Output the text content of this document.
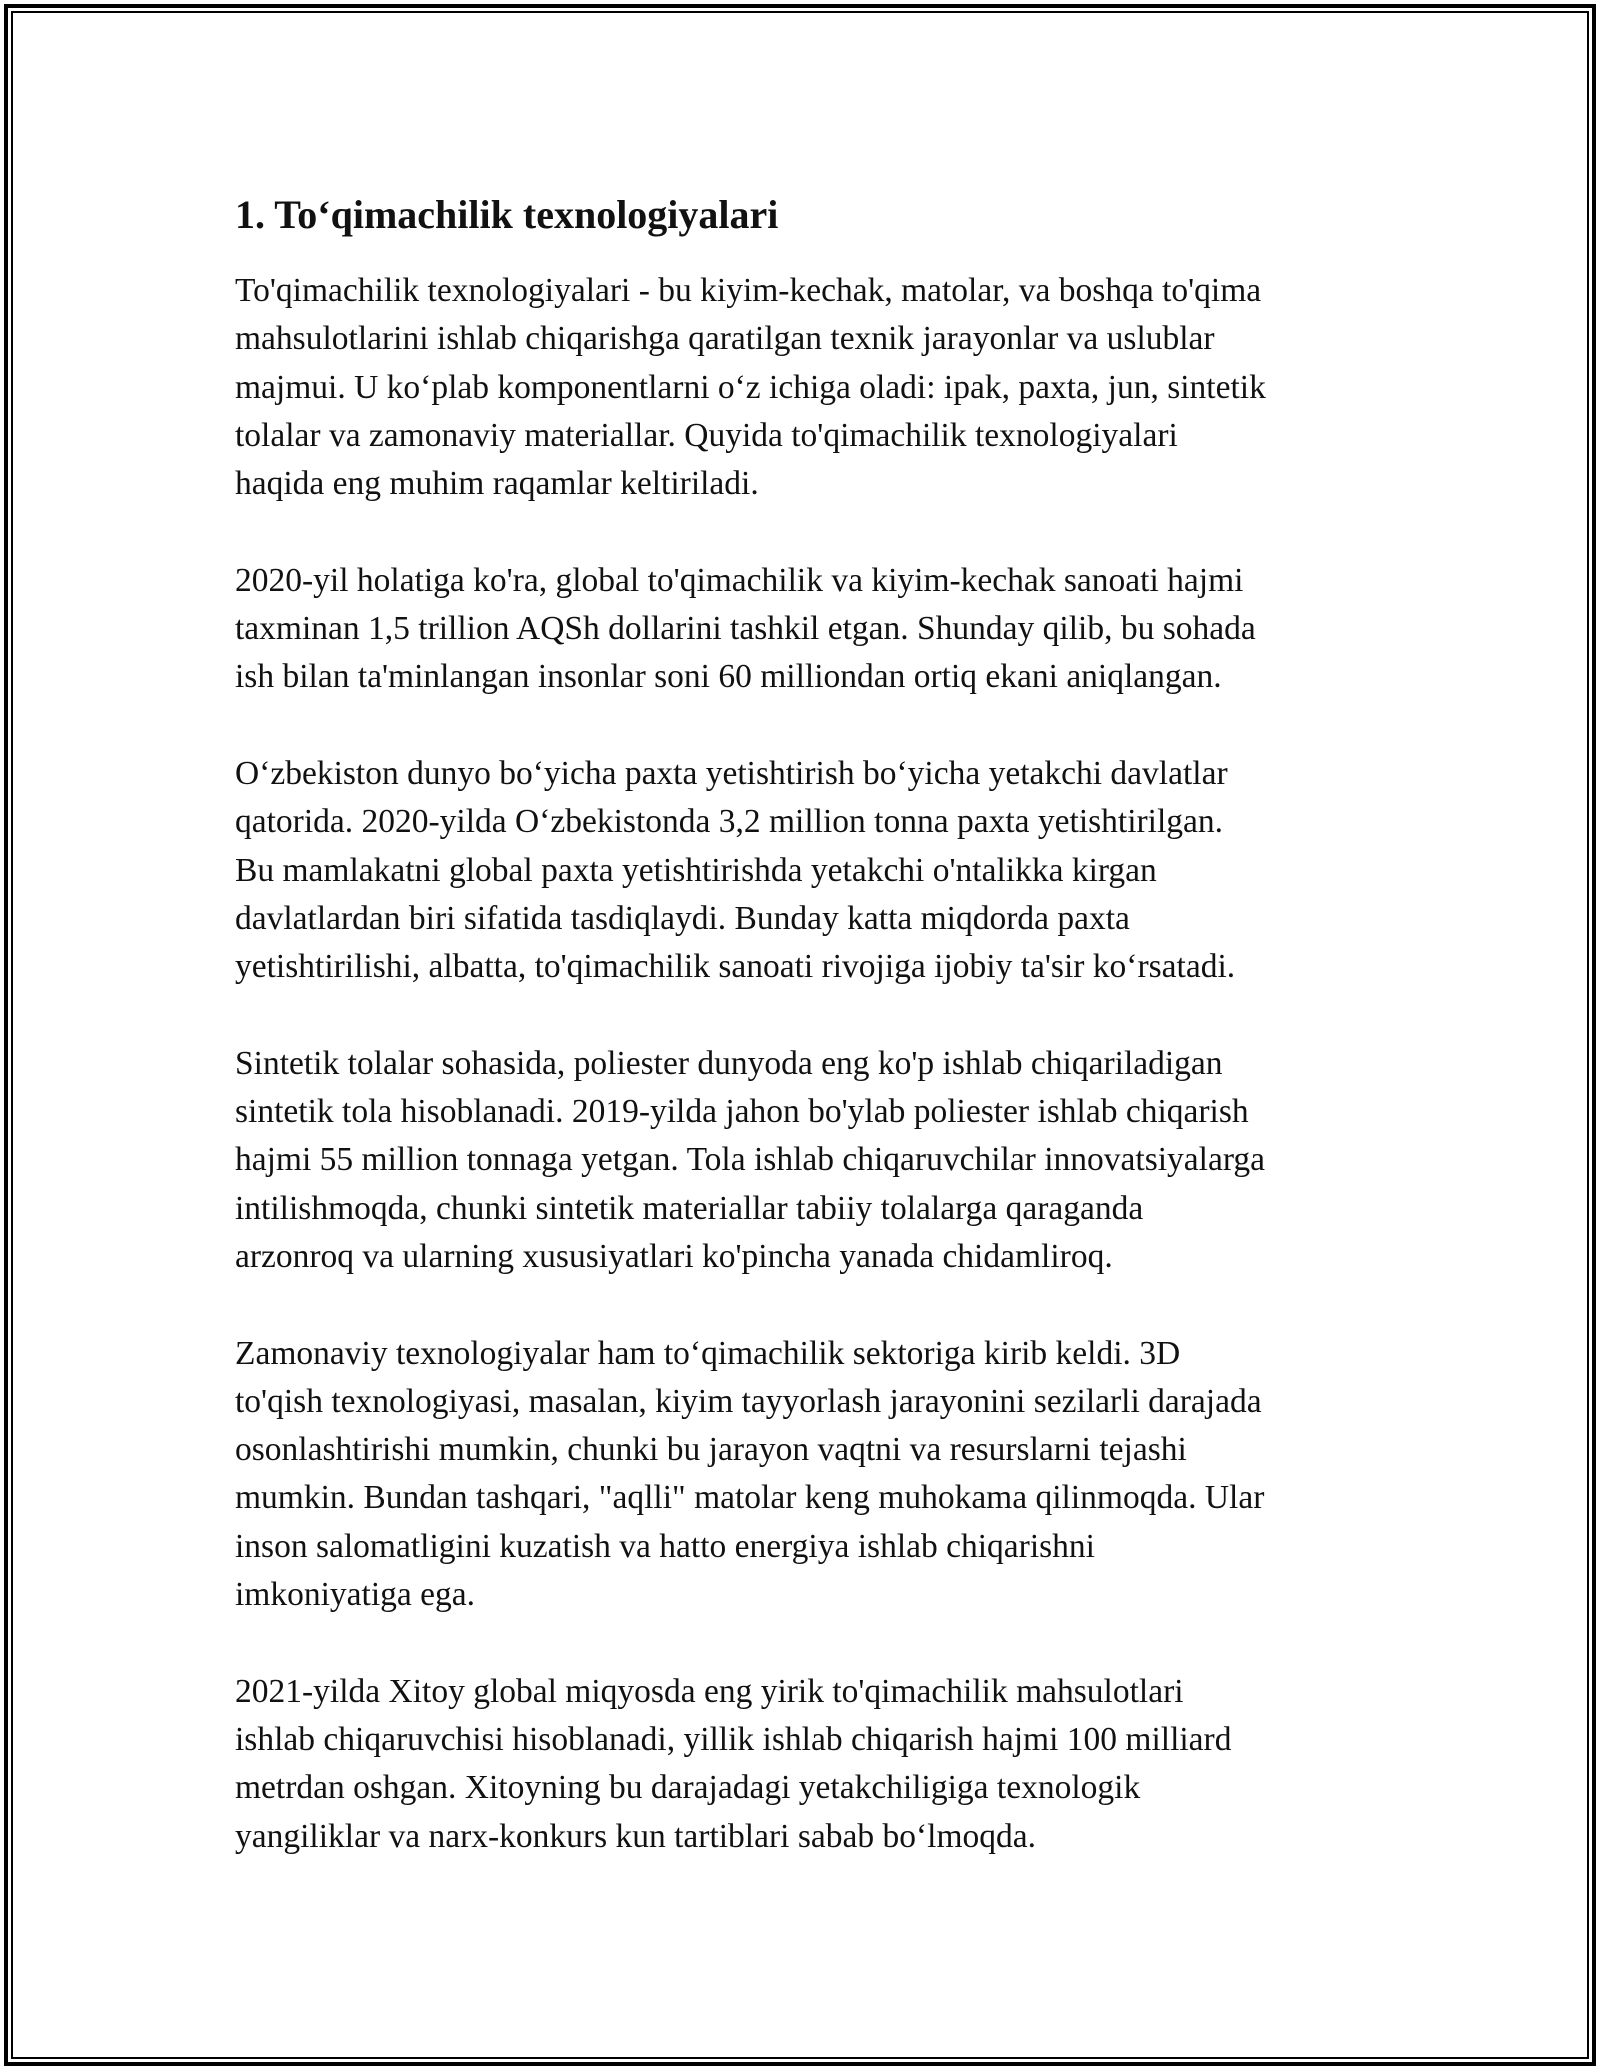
1. To‘qimachilik texnologiyalari

To'qimachilik texnologiyalari - bu kiyim-kechak, matolar, va boshqa to'qima
mahsulotlarini ishlab chiqarishga qaratilgan texnik jarayonlar va uslublar
majmui. U ko‘plab komponentlarni o‘z ichiga oladi: ipak, paxta, jun, sintetik
tolalar va zamonaviy materiallar. Quyida to'qimachilik texnologiyalari
haqida eng muhim raqamlar keltiriladi.

2020-yil holatiga ko'ra, global to'qimachilik va kiyim-kechak sanoati hajmi
taxminan 1,5 trillion AQSh dollarini tashkil etgan. Shunday qilib, bu sohada
ish bilan ta'minlangan insonlar soni 60 milliondan ortiq ekani aniqlangan.

O‘zbekiston dunyo bo‘yicha paxta yetishtirish bo‘yicha yetakchi davlatlar
qatorida. 2020-yilda O‘zbekistonda 3,2 million tonna paxta yetishtirilgan.
Bu mamlakatni global paxta yetishtirishda yetakchi o'ntalikka kirgan
davlatlardan biri sifatida tasdiqlaydi. Bunday katta miqdorda paxta
yetishtirilishi, albatta, to'qimachilik sanoati rivojiga ijobiy ta'sir ko‘rsatadi.

Sintetik tolalar sohasida, poliester dunyoda eng ko'p ishlab chiqariladigan
sintetik tola hisoblanadi. 2019-yilda jahon bo'ylab poliester ishlab chiqarish
hajmi 55 million tonnaga yetgan. Tola ishlab chiqaruvchilar innovatsiyalarga
intilishmoqda, chunki sintetik materiallar tabiiy tolalarga qaraganda
arzonroq va ularning xususiyatlari ko'pincha yanada chidamliroq.

Zamonaviy texnologiyalar ham to‘qimachilik sektoriga kirib keldi. 3D
to'qish texnologiyasi, masalan, kiyim tayyorlash jarayonini sezilarli darajada
osonlashtirishi mumkin, chunki bu jarayon vaqtni va resurslarni tejashi
mumkin. Bundan tashqari, "aqlli" matolar keng muhokama qilinmoqda. Ular
inson salomatligini kuzatish va hatto energiya ishlab chiqarishni
imkoniyatiga ega.

2021-yilda Xitoy global miqyosda eng yirik to'qimachilik mahsulotlari
ishlab chiqaruvchisi hisoblanadi, yillik ishlab chiqarish hajmi 100 milliard
metrdan oshgan. Xitoyning bu darajadagi yetakchiligiga texnologik
yangiliklar va narx-konkurs kun tartiblari sabab bo‘lmoqda.
